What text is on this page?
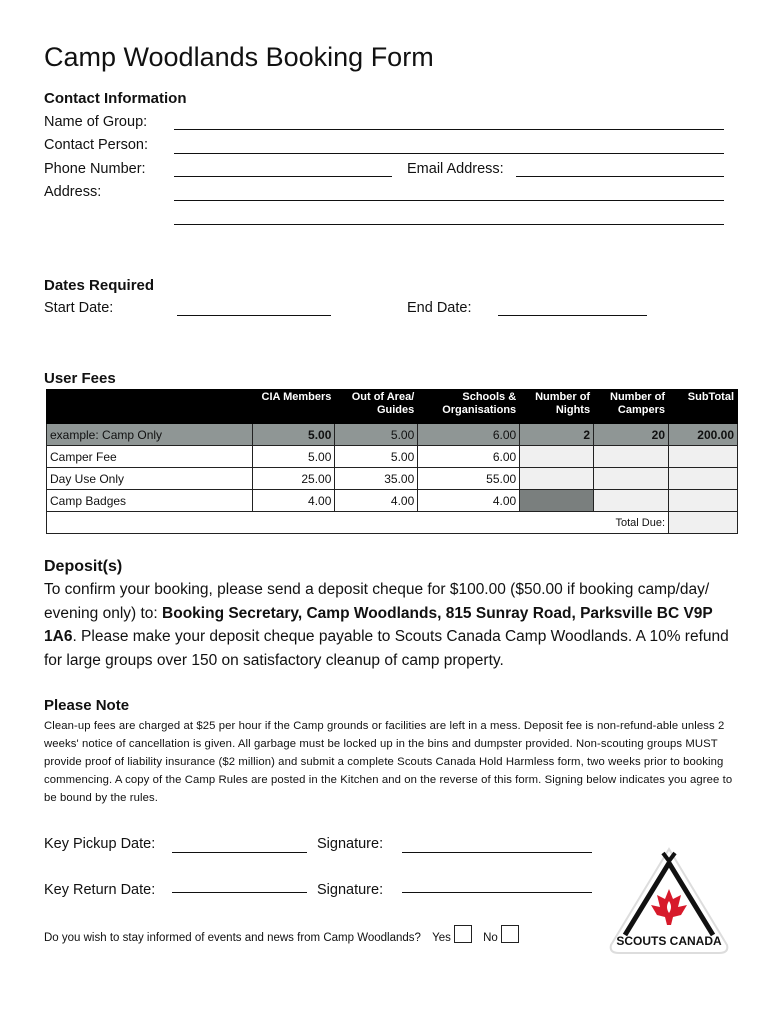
Camp Woodlands Booking Form
Contact Information
Name of Group:
Contact Person:
Phone Number:	Email Address:
Address:
Dates Required
Start Date:	End Date:
User Fees
	CIA Members	Out of Area/ Guides	Schools & Organisations	Number of Nights	Number of Campers	SubTotal
example: Camp Only	5.00	5.00	6.00	2	20	200.00
Camper Fee	5.00	5.00	6.00			
Day Use Only	25.00	35.00	55.00			
Camp Badges	4.00	4.00	4.00			
Total Due:						
Deposit(s)
To confirm your booking, please send a deposit cheque for $100.00 ($50.00 if booking camp/day/ evening only) to: Booking Secretary, Camp Woodlands, 815 Sunray Road, Parksville BC V9P 1A6. Please make your deposit cheque payable to Scouts Canada Camp Woodlands. A 10% refund for large groups over 150 on satisfactory cleanup of camp property.
Please Note
Clean-up fees are charged at $25 per hour if the Camp grounds or facilities are left in a mess. Deposit fee is non-refund-able unless 2 weeks' notice of cancellation is given. All garbage must be locked up in the bins and dumpster provided. Non-scouting groups MUST provide proof of liability insurance ($2 million) and submit a complete Scouts Canada Hold Harmless form, two weeks prior to booking commencing. A copy of the Camp Rules are posted in the Kitchen and on the reverse of this form. Signing below indicates you agree to be bound by the rules.
Key Pickup Date:	Signature:
Key Return Date:	Signature:
Do you wish to stay informed of events and news from Camp Woodlands? Yes	No	SCOUTS CANADA
